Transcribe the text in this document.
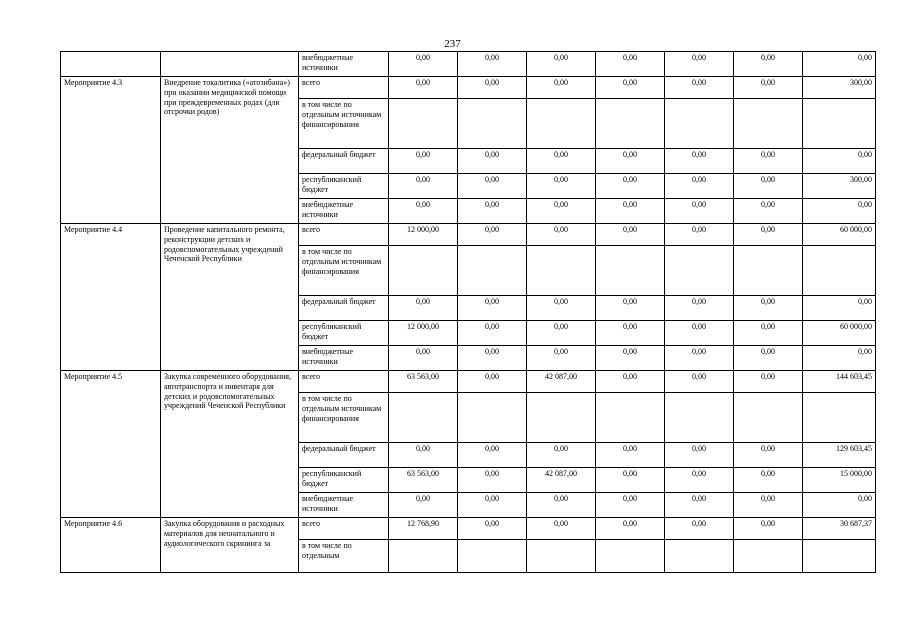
237
		внебюджетные источники	0,00	0,00	0,00	0,00	0,00	0,00	0,00
Мероприятие 4.3	Внедрение токалитика («атозибана») при оказании медицинской помощи при преждевременных родах (для отсрочки родов)	всего	0,00	0,00	0,00	0,00	0,00	0,00	300,00
		в том числе по отдельным источникам финансирования							
		федеральный бюджет	0,00	0,00	0,00	0,00	0,00	0,00	0,00
		республиканский бюджет	0,00	0,00	0,00	0,00	0,00	0,00	300,00
		внебюджетные источники	0,00	0,00	0,00	0,00	0,00	0,00	0,00
Мероприятие 4.4	Проведение капитального ремонта, реконструкции детских и родовспомогательных учреждений Чеченской Республики	всего	12 000,00	0,00	0,00	0,00	0,00	0,00	60 000,00
		в том числе по отдельным источникам финансирования							
		федеральный бюджет	0,00	0,00	0,00	0,00	0,00	0,00	0,00
		республиканский бюджет	12 000,00	0,00	0,00	0,00	0,00	0,00	60 000,00
		внебюджетные источники	0,00	0,00	0,00	0,00	0,00	0,00	0,00
Мероприятие 4.5	Закупка современного оборудования, автотранспорта и инвентаря для детских и родовспомогательных учреждений Чеченской Республики	всего	63 563,00	0,00	42 087,00	0,00	0,00	0,00	144 603,45
		в том числе по отдельным источникам финансирования							
		федеральный бюджет	0,00	0,00	0,00	0,00	0,00	0,00	129 603,45
		республиканский бюджет	63 563,00	0,00	42 087,00	0,00	0,00	0,00	15 000,00
		внебюджетные источники	0,00	0,00	0,00	0,00	0,00	0,00	0,00
Мероприятие 4.6	Закупка оборудования и расходных материалов для неонатального и аудиологического скрининга за	всего	12 768,90	0,00	0,00	0,00	0,00	0,00	30 687,37
		в том числе по отдельным							
